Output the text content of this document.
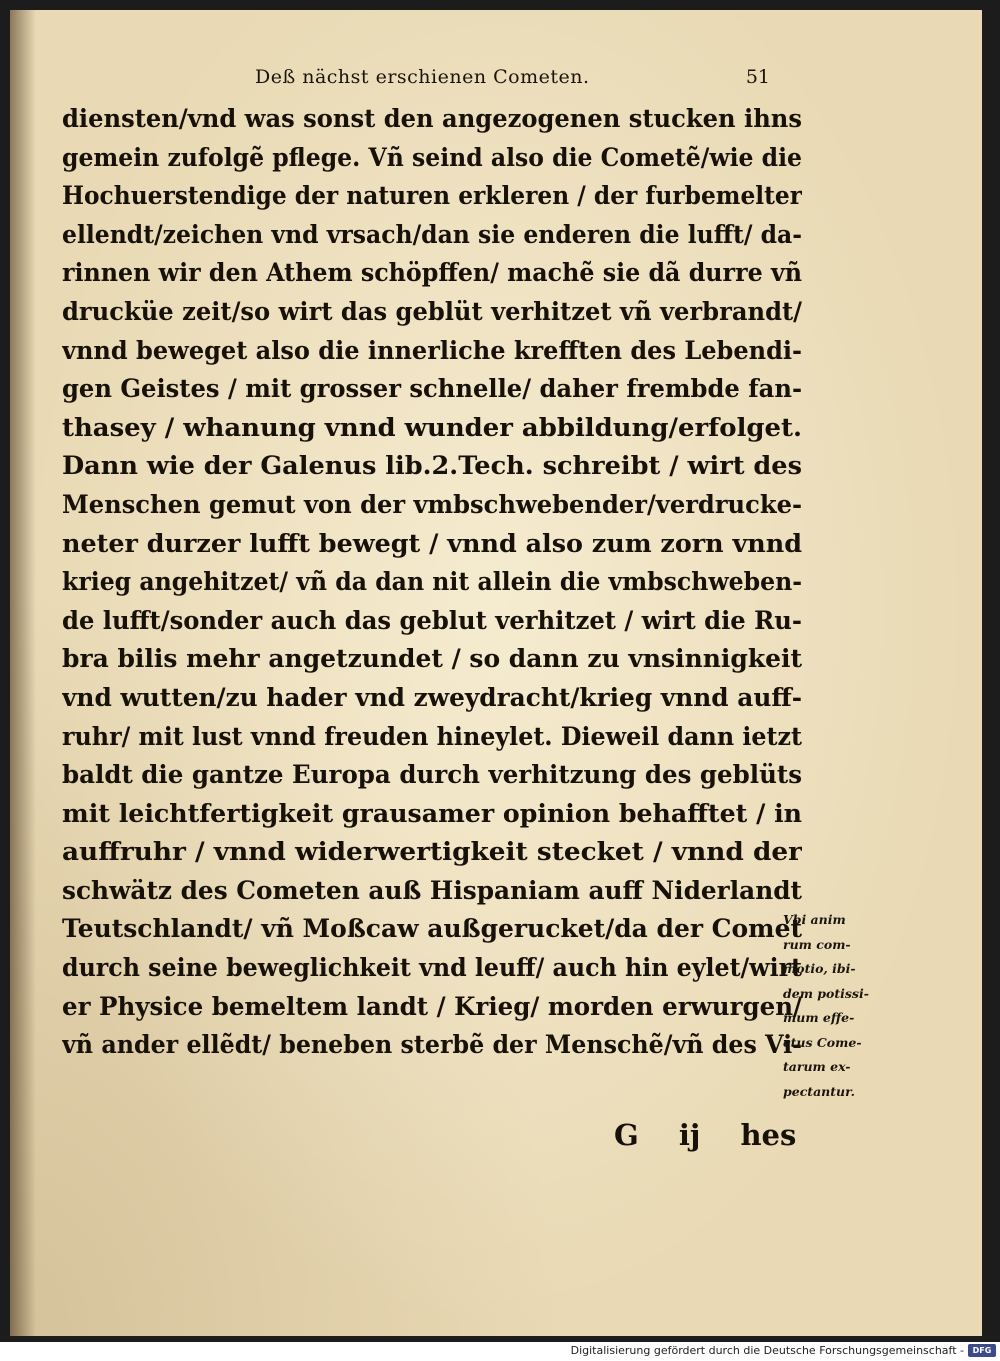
Deß nächst erschienen Cometen.	51
diensten/vnd was sonst den angezogenen stucken ihns
gemein zufolgẽ pflege. Vñ seind also die Cometẽ/wie die
Hochuerstendige der naturen erkleren / der furbemelter
ellendt/zeichen vnd vrsach/dan sie enderen die lufft/ da-
rinnen wir den Athem schöpffen/ machẽ sie dã durre vñ
drucküe zeit/so wirt das geblüt verhitzet vñ verbrandt/
vnnd beweget also die innerliche krefften des Lebendi-
gen Geistes / mit grosser schnelle/ daher frembde fan-
thasey / whanung vnnd wunder abbildung/erfolget.
Dann wie der Galenus lib.2.Tech. schreibt / wirt des
Menschen gemut von der vmbschwebender/verdrucke-
neter durzer lufft bewegt / vnnd also zum zorn vnnd
krieg angehitzet/ vñ da dan nit allein die vmbschweben-
de lufft/sonder auch das geblut verhitzet / wirt die Ru-
bra bilis mehr angetzundet / so dann zu vnsinnigkeit
vnd wutten/zu hader vnd zweydracht/krieg vnnd auff-
ruhr/ mit lust vnnd freuden hineylet. Dieweil dann ietzt
baldt die gantze Europa durch verhitzung des geblüts
mit leichtfertigkeit grausamer opinion behafftet / in
auffruhr / vnnd widerwertigkeit stecket / vnnd der
schwätz des Cometen auß Hispaniam auff Niderlandt
Teutschlandt/ vñ Moßcaw außgerucket/da der Comet
durch seine beweglichkeit vnd leuff/ auch hin eylet/wirt
er Physice bemeltem landt / Krieg/ morden erwurgen/
vñ ander ellẽdt/ beneben sterbẽ der Menschẽ/vñ des Vi-
G ij hes
Vbi anim
rum com-
motio, ibi-
dem potissi-
mum effe-
ctus Come-
tarum ex-
pectantur.
Digitalisierung gefördert durch die Deutsche Forschungsgemeinschaft -	DFG
